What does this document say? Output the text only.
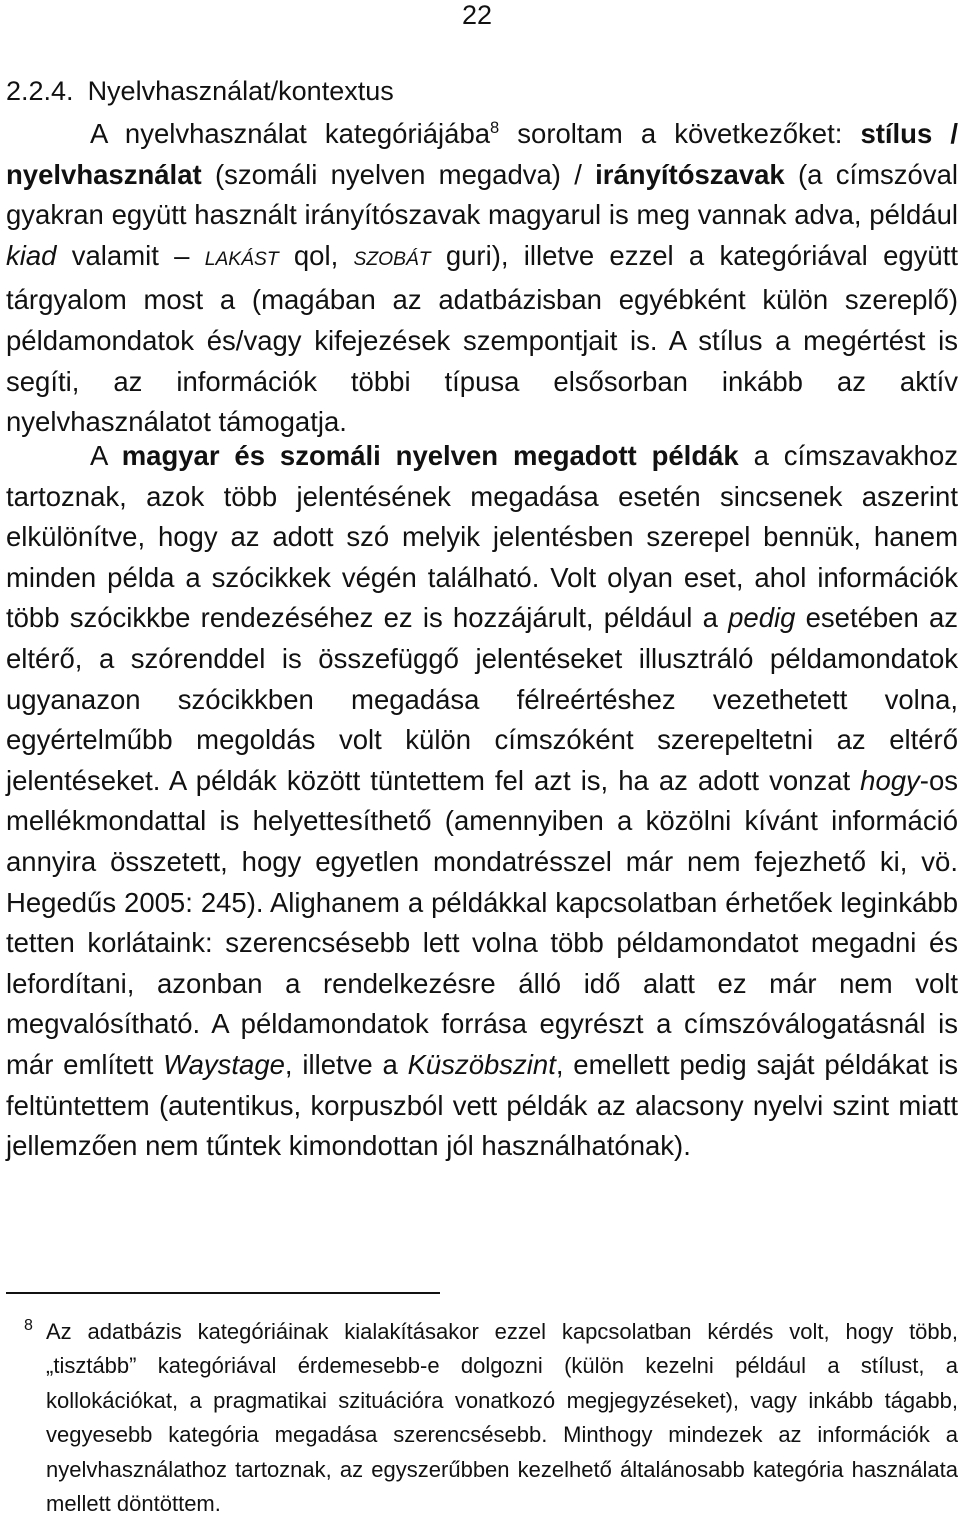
22
2.2.4. Nyelvhasználat/kontextus

A nyelvhasználat kategóriájába$^8$ soroltam a következőket: stílus / nyelvhasználat (szomáli nyelven megadva) / irányítószavak (a címszóval gyakran együtt használt irányítószavak magyarul is meg vannak adva, például kiad valamit – LAKÁST qol, SZOBÁT guri), illetve ezzel a kategóriával együtt tárgyalom most a (magában az adatbázisban egyébként külön szereplő) példamondatok és/vagy kifejezések szempontjait is. A stílus a megértést is segíti, az információk többi típusa elsősorban inkább az aktív nyelvhasználatot támogatja.

A magyar és szomáli nyelven megadott példák a címszavakhoz tartoznak, azok több jelentésének megadása esetén sincsenek aszerint elkülönítve, hogy az adott szó melyik jelentésben szerepel bennük, hanem minden példa a szócikkek végén található. Volt olyan eset, ahol információk több szócikkbe rendezéséhez ez is hozzájárult, például a pedig esetében az eltérő, a szórenddel is összefüggő jelentéseket illusztráló példamondatok ugyanazon szócikkben megadása félreértéshez vezethetett volna, egyértelműbb megoldás volt külön címszóként szerepeltetni az eltérő jelentéseket. A példák között tüntettem fel azt is, ha az adott vonzat hogy-os mellékmondattal is helyettesíthető (amennyiben a közölni kívánt információ annyira összetett, hogy egyetlen mondatrésszel már nem fejezhető ki, vö. Hegedűs 2005: 245). Alighanem a példákkal kapcsolatban érhetőek leginkább tetten korlátaink: szerencsésebb lett volna több példamondatot megadni és lefordítani, azonban a rendelkezésre álló idő alatt ez már nem volt megvalósítható. A példamondatok forrása egyrészt a címszóválogatásnál is már említett Waystage, illetve a Küszöbszint, emellett pedig saját példákat is feltüntettem (autentikus, korpuszból vett példák az alacsony nyelvi szint miatt jellemzően nem tűntek kimondottan jól használhatónak).

8 Az adatbázis kategóriáinak kialakításakor ezzel kapcsolatban kérdés volt, hogy több, „tisztább” kategóriával érdemesebb-e dolgozni (külön kezelni például a stílust, a kollokációkat, a pragmatikai szituációra vonatkozó megjegyzéseket), vagy inkább tágabb, vegyesebb kategória megadása szerencsésebb. Minthogy mindezek az információk a nyelvhasználathoz tartoznak, az egyszerűbben kezelhető általánosabb kategória használata mellett döntöttem.
